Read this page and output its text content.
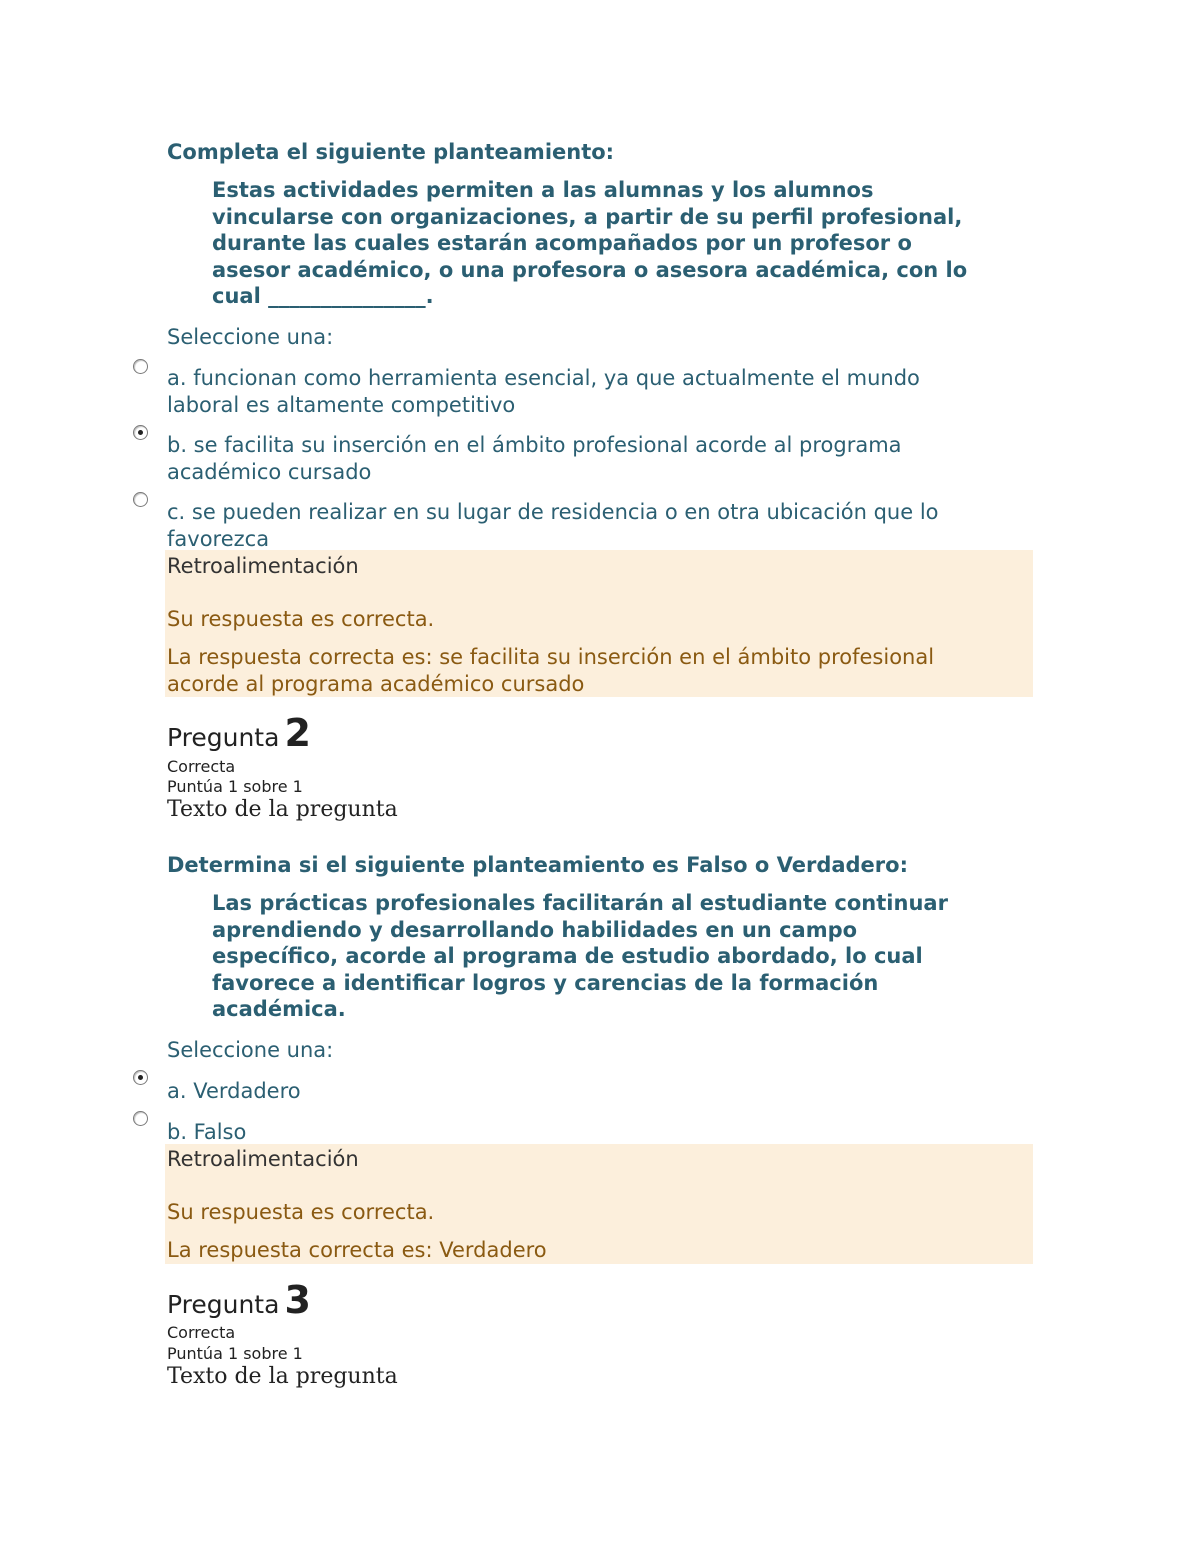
Completa el siguiente planteamiento:
Estas actividades permiten a las alumnas y los alumnos
vincularse con organizaciones, a partir de su perfil profesional,
durante las cuales estarán acompañados por un profesor o
asesor académico, o una profesora o asesora académica, con lo
cual _______________.
Seleccione una:
a. funcionan como herramienta esencial, ya que actualmente el mundo
laboral es altamente competitivo
b. se facilita su inserción en el ámbito profesional acorde al programa
académico cursado
c. se pueden realizar en su lugar de residencia o en otra ubicación que lo
favorezca
Retroalimentación
Su respuesta es correcta.
La respuesta correcta es: se facilita su inserción en el ámbito profesional
acorde al programa académico cursado
Pregunta 2
Correcta
Puntúa 1 sobre 1
Texto de la pregunta
Determina si el siguiente planteamiento es Falso o Verdadero:
Las prácticas profesionales facilitarán al estudiante continuar
aprendiendo y desarrollando habilidades en un campo
específico, acorde al programa de estudio abordado, lo cual
favorece a identificar logros y carencias de la formación
académica.
Seleccione una:
a. Verdadero
b. Falso
Retroalimentación
Su respuesta es correcta.
La respuesta correcta es: Verdadero
Pregunta 3
Correcta
Puntúa 1 sobre 1
Texto de la pregunta
